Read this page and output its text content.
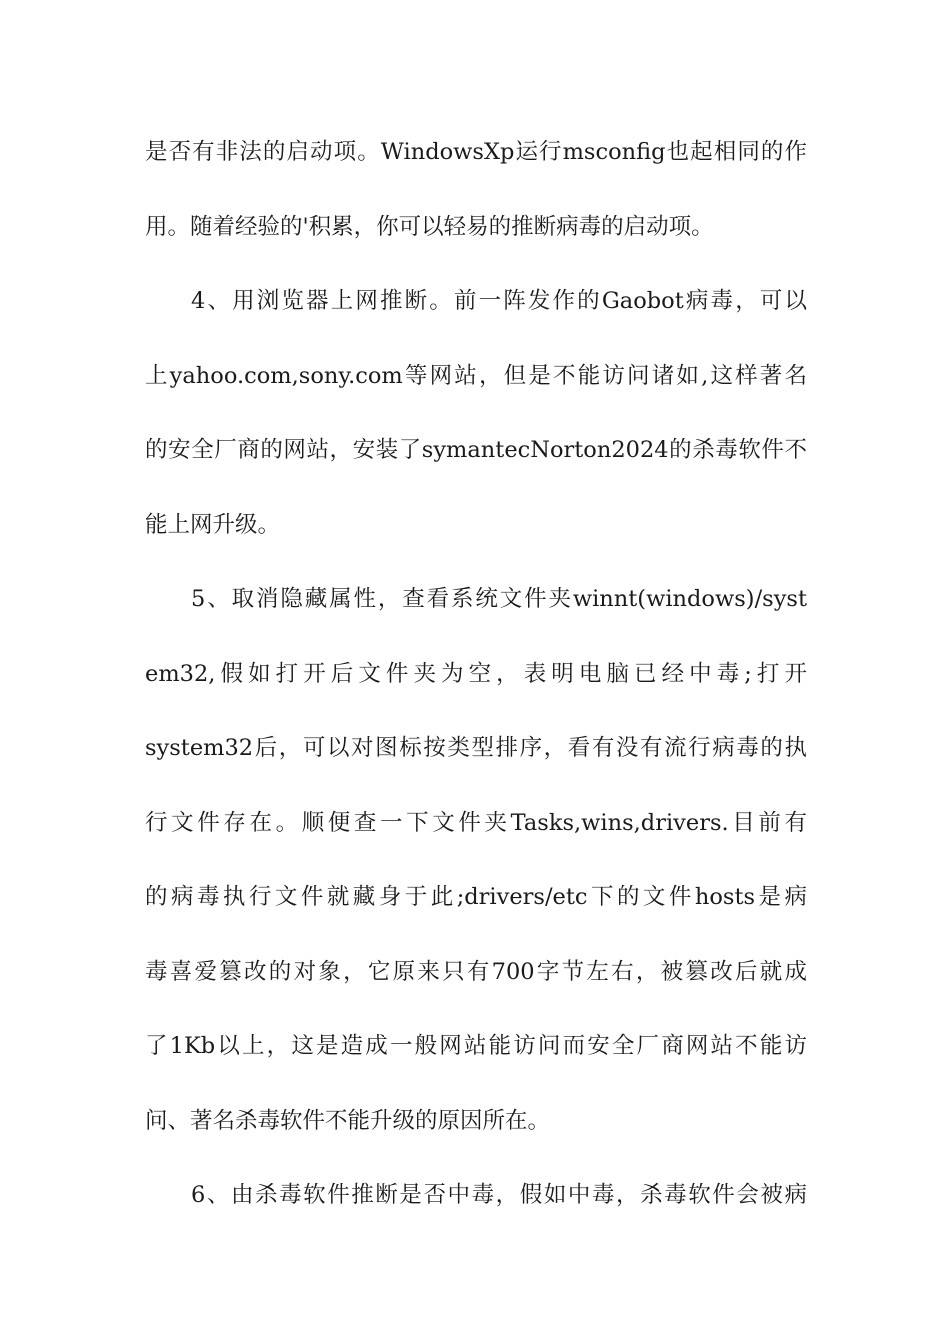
是否有非法的启动项。WindowsXp运行msconfig也起相同的作
用。随着经验的'积累，你可以轻易的推断病毒的启动项。
4、用浏览器上网推断。前一阵发作的Gaobot病毒，可以
上yahoo.com,sony.com等网站，但是不能访问诸如,这样著名
的安全厂商的网站，安装了symantecNorton2024的杀毒软件不
能上网升级。
5、取消隐藏属性，查看系统文件夹winnt(windows)/syst
em32,假如打开后文件夹为空，表明电脑已经中毒;打开
system32后，可以对图标按类型排序，看有没有流行病毒的执
行文件存在。顺便查一下文件夹Tasks,wins,drivers.目前有
的病毒执行文件就藏身于此;drivers/etc下的文件hosts是病
毒喜爱篡改的对象，它原来只有700字节左右，被篡改后就成
了1Kb以上，这是造成一般网站能访问而安全厂商网站不能访
问、著名杀毒软件不能升级的原因所在。
6、由杀毒软件推断是否中毒，假如中毒，杀毒软件会被病
